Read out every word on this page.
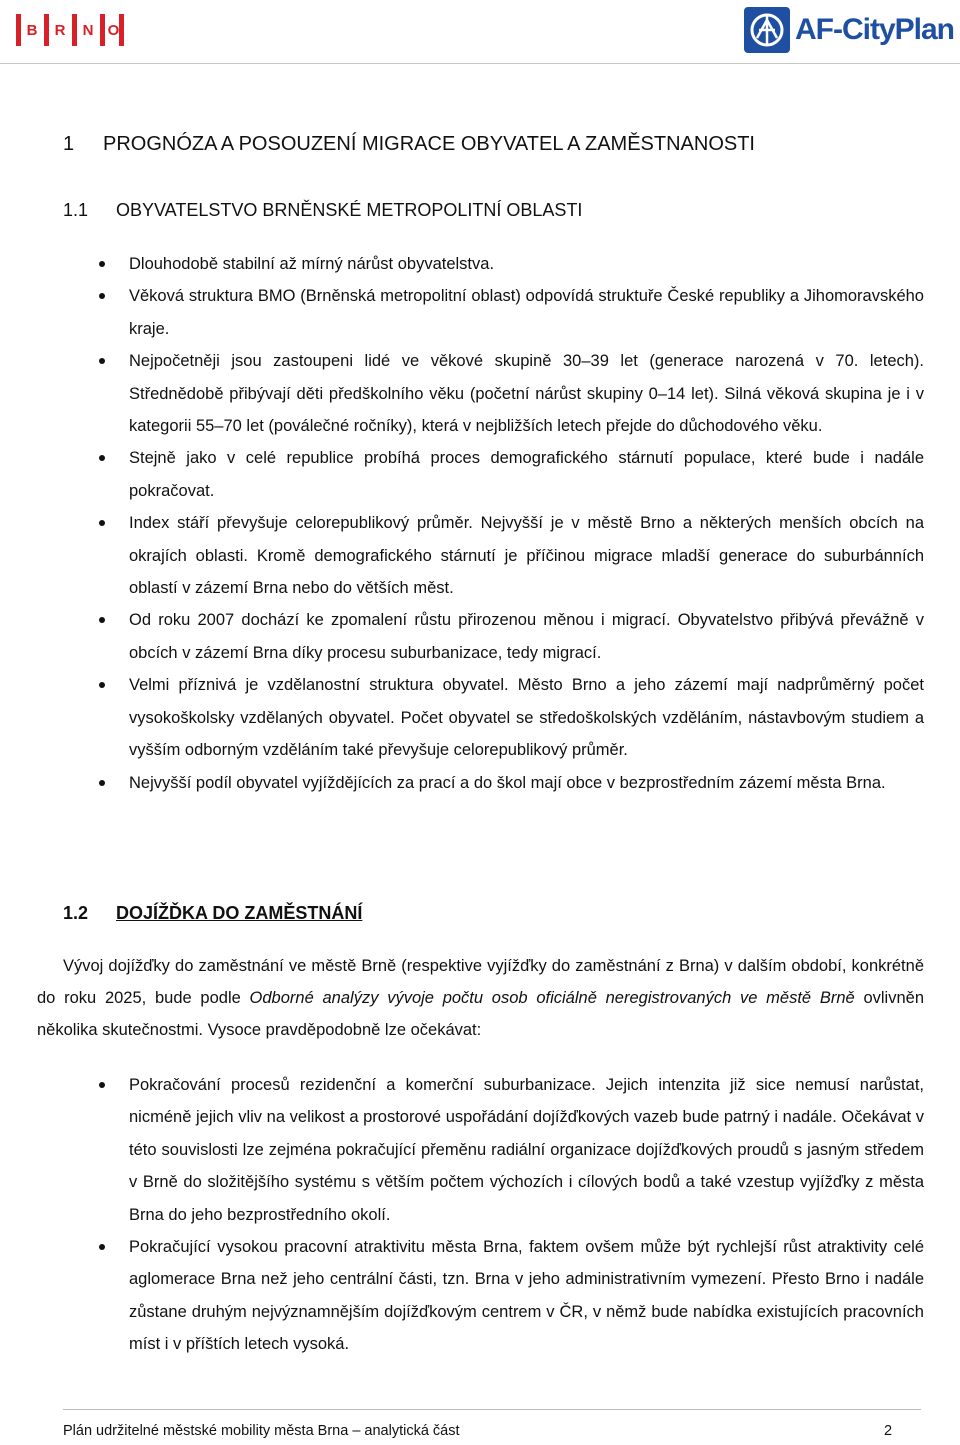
B	R	N O	AF-CityPlan
1 PROGNÓZA A POSOUZENÍ MIGRACE OBYVATEL A ZAMĚSTNANOSTI
1.1 OBYVATELSTVO BRNĚNSKÉ METROPOLITNÍ OBLASTI
Dlouhodobě stabilní až mírný nárůst obyvatelstva.
Věková struktura BMO (Brněnská metropolitní oblast) odpovídá struktuře České republiky a Jihomoravského kraje.
Nejpočetněji jsou zastoupeni lidé ve věkové skupině 30–39 let (generace narozená v 70. letech). Střednědobě přibývají děti předškolního věku (početní nárůst skupiny 0–14 let). Silná věková skupina je i v kategorii 55–70 let (poválečné ročníky), která v nejbližších letech přejde do důchodového věku.
Stejně jako v celé republice probíhá proces demografického stárnutí populace, které bude i nadále pokračovat.
Index stáří převyšuje celorepublikový průměr. Nejvyšší je v městě Brno a některých menších obcích na okrajích oblasti. Kromě demografického stárnutí je příčinou migrace mladší generace do suburbánních oblastí v zázemí Brna nebo do větších měst.
Od roku 2007 dochází ke zpomalení růstu přirozenou měnou i migrací. Obyvatelstvo přibývá převážně v obcích v zázemí Brna díky procesu suburbanizace, tedy migrací.
Velmi příznivá je vzdělanostní struktura obyvatel. Město Brno a jeho zázemí mají nadprůměrný počet vysokoškolsky vzdělaných obyvatel. Počet obyvatel se středoškolských vzděláním, nástavbovým studiem a vyšším odborným vzděláním také převyšuje celorepublikový průměr.
Nejvyšší podíl obyvatel vyjíždějících za prací a do škol mají obce v bezprostředním zázemí města Brna.
1.2 DOJÍŽĎKA DO ZAMĚSTNÁNÍ

Vývoj dojížďky do zaměstnání ve městě Brně (respektive vyjížďky do zaměstnání z Brna) v dalším období, konkrétně do roku 2025, bude podle Odborné analýzy vývoje počtu osob oficiálně neregistrovaných ve městě Brně ovlivněn několika skutečnostmi. Vysoce pravděpodobně lze očekávat:

Pokračování procesů rezidenční a komerční suburbanizace. Jejich intenzita již sice nemusí narůstat, nicméně jejich vliv na velikost a prostorové uspořádání dojížďkových vazeb bude patrný i nadále. Očekávat v této souvislosti lze zejména pokračující přeměnu radiální organizace dojížďkových proudů s jasným středem v Brně do složitějšího systému s větším počtem výchozích i cílových bodů a také vzestup vyjížďky z města Brna do jeho bezprostředního okolí.
Pokračující vysokou pracovní atraktivitu města Brna, faktem ovšem může být rychlejší růst atraktivity celé aglomerace Brna než jeho centrální části, tzn. Brna v jeho administrativním vymezení. Přesto Brno i nadále zůstane druhým nejvýznamnějším dojížďkovým centrem v ČR, v němž bude nabídka existujících pracovních míst i v příštích letech vysoká.
Plán udržitelné městské mobility města Brna – analytická část	2
